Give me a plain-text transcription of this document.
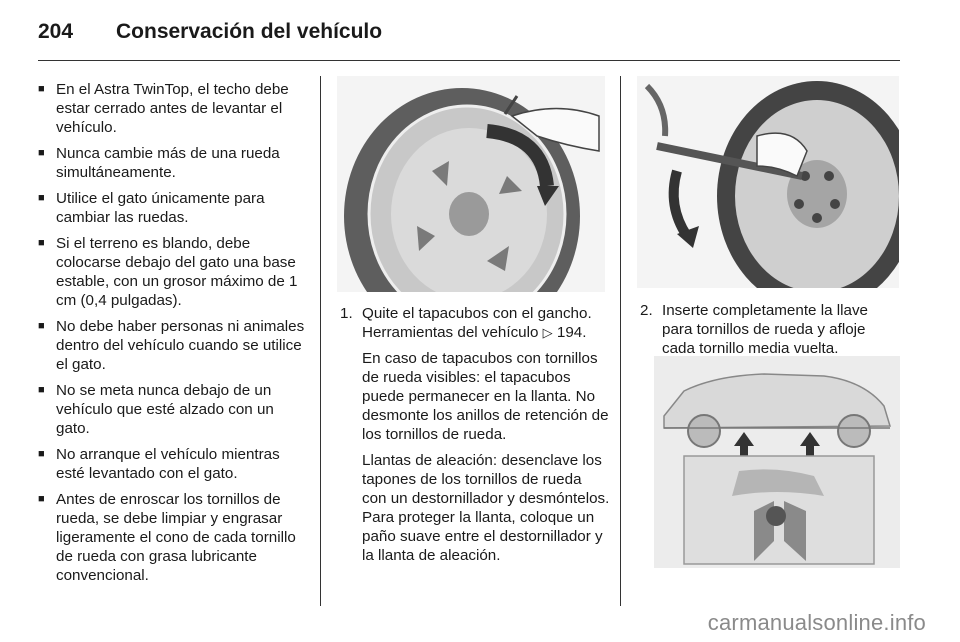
204	Conservación del vehículo
■ En el Astra TwinTop, el techo debe estar cerrado antes de levantar el vehículo.
■ Nunca cambie más de una rueda simultáneamente.
■ Utilice el gato únicamente para cambiar las ruedas.
■ Si el terreno es blando, debe colocarse debajo del gato una base estable, con un grosor máximo de 1 cm (0,4 pulgadas).
■ No debe haber personas ni animales dentro del vehículo cuando se utilice el gato.
■ No se meta nunca debajo de un vehículo que esté alzado con un gato.
■ No arranque el vehículo mientras esté levantado con el gato.
■ Antes de enroscar los tornillos de rueda, se debe limpiar y engrasar ligeramente el cono de cada tornillo de rueda con grasa lubricante convencional.
1. Quite el tapacubos con el gancho. Herramientas del vehículo ▷ 194.
En caso de tapacubos con tornillos de rueda visibles: el tapacubos puede permanecer en la llanta. No desmonte los anillos de retención de los tornillos de rueda.
Llantas de aleación: desenclave los tapones de los tornillos de rueda con un destornillador y desmóntelos. Para proteger la llanta, coloque un paño suave entre el destornillador y la llanta de aleación.
2. Inserte completamente la llave para tornillos de rueda y afloje cada tornillo media vuelta.
carmanualsonline.info
